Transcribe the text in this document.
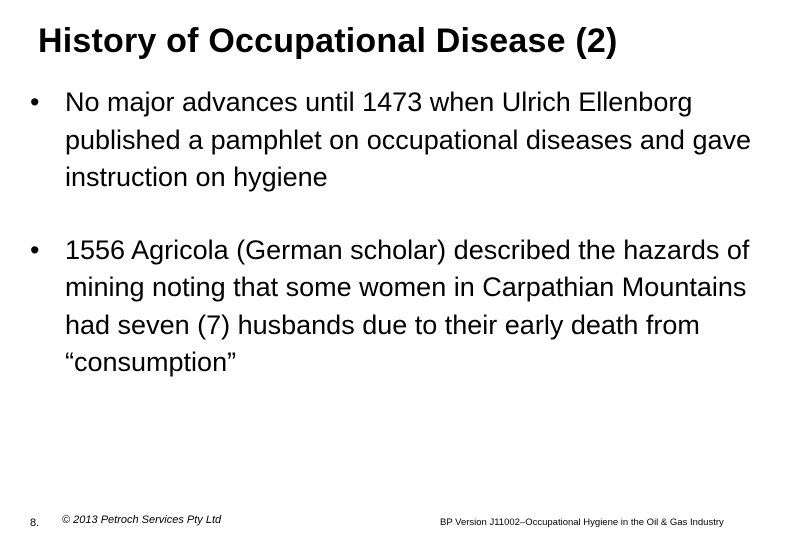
History of Occupational Disease (2)
• No major advances until 1473 when Ulrich Ellenborg published a pamphlet on occupational diseases and gave instruction on hygiene
• 1556 Agricola (German scholar) described the hazards of mining noting that some women in Carpathian Mountains had seven (7) husbands due to their early death from “consumption”
8. © 2013 Petroch Services Pty Ltd	BP Version J11002–Occupational Hygiene in the Oil & Gas Industry
